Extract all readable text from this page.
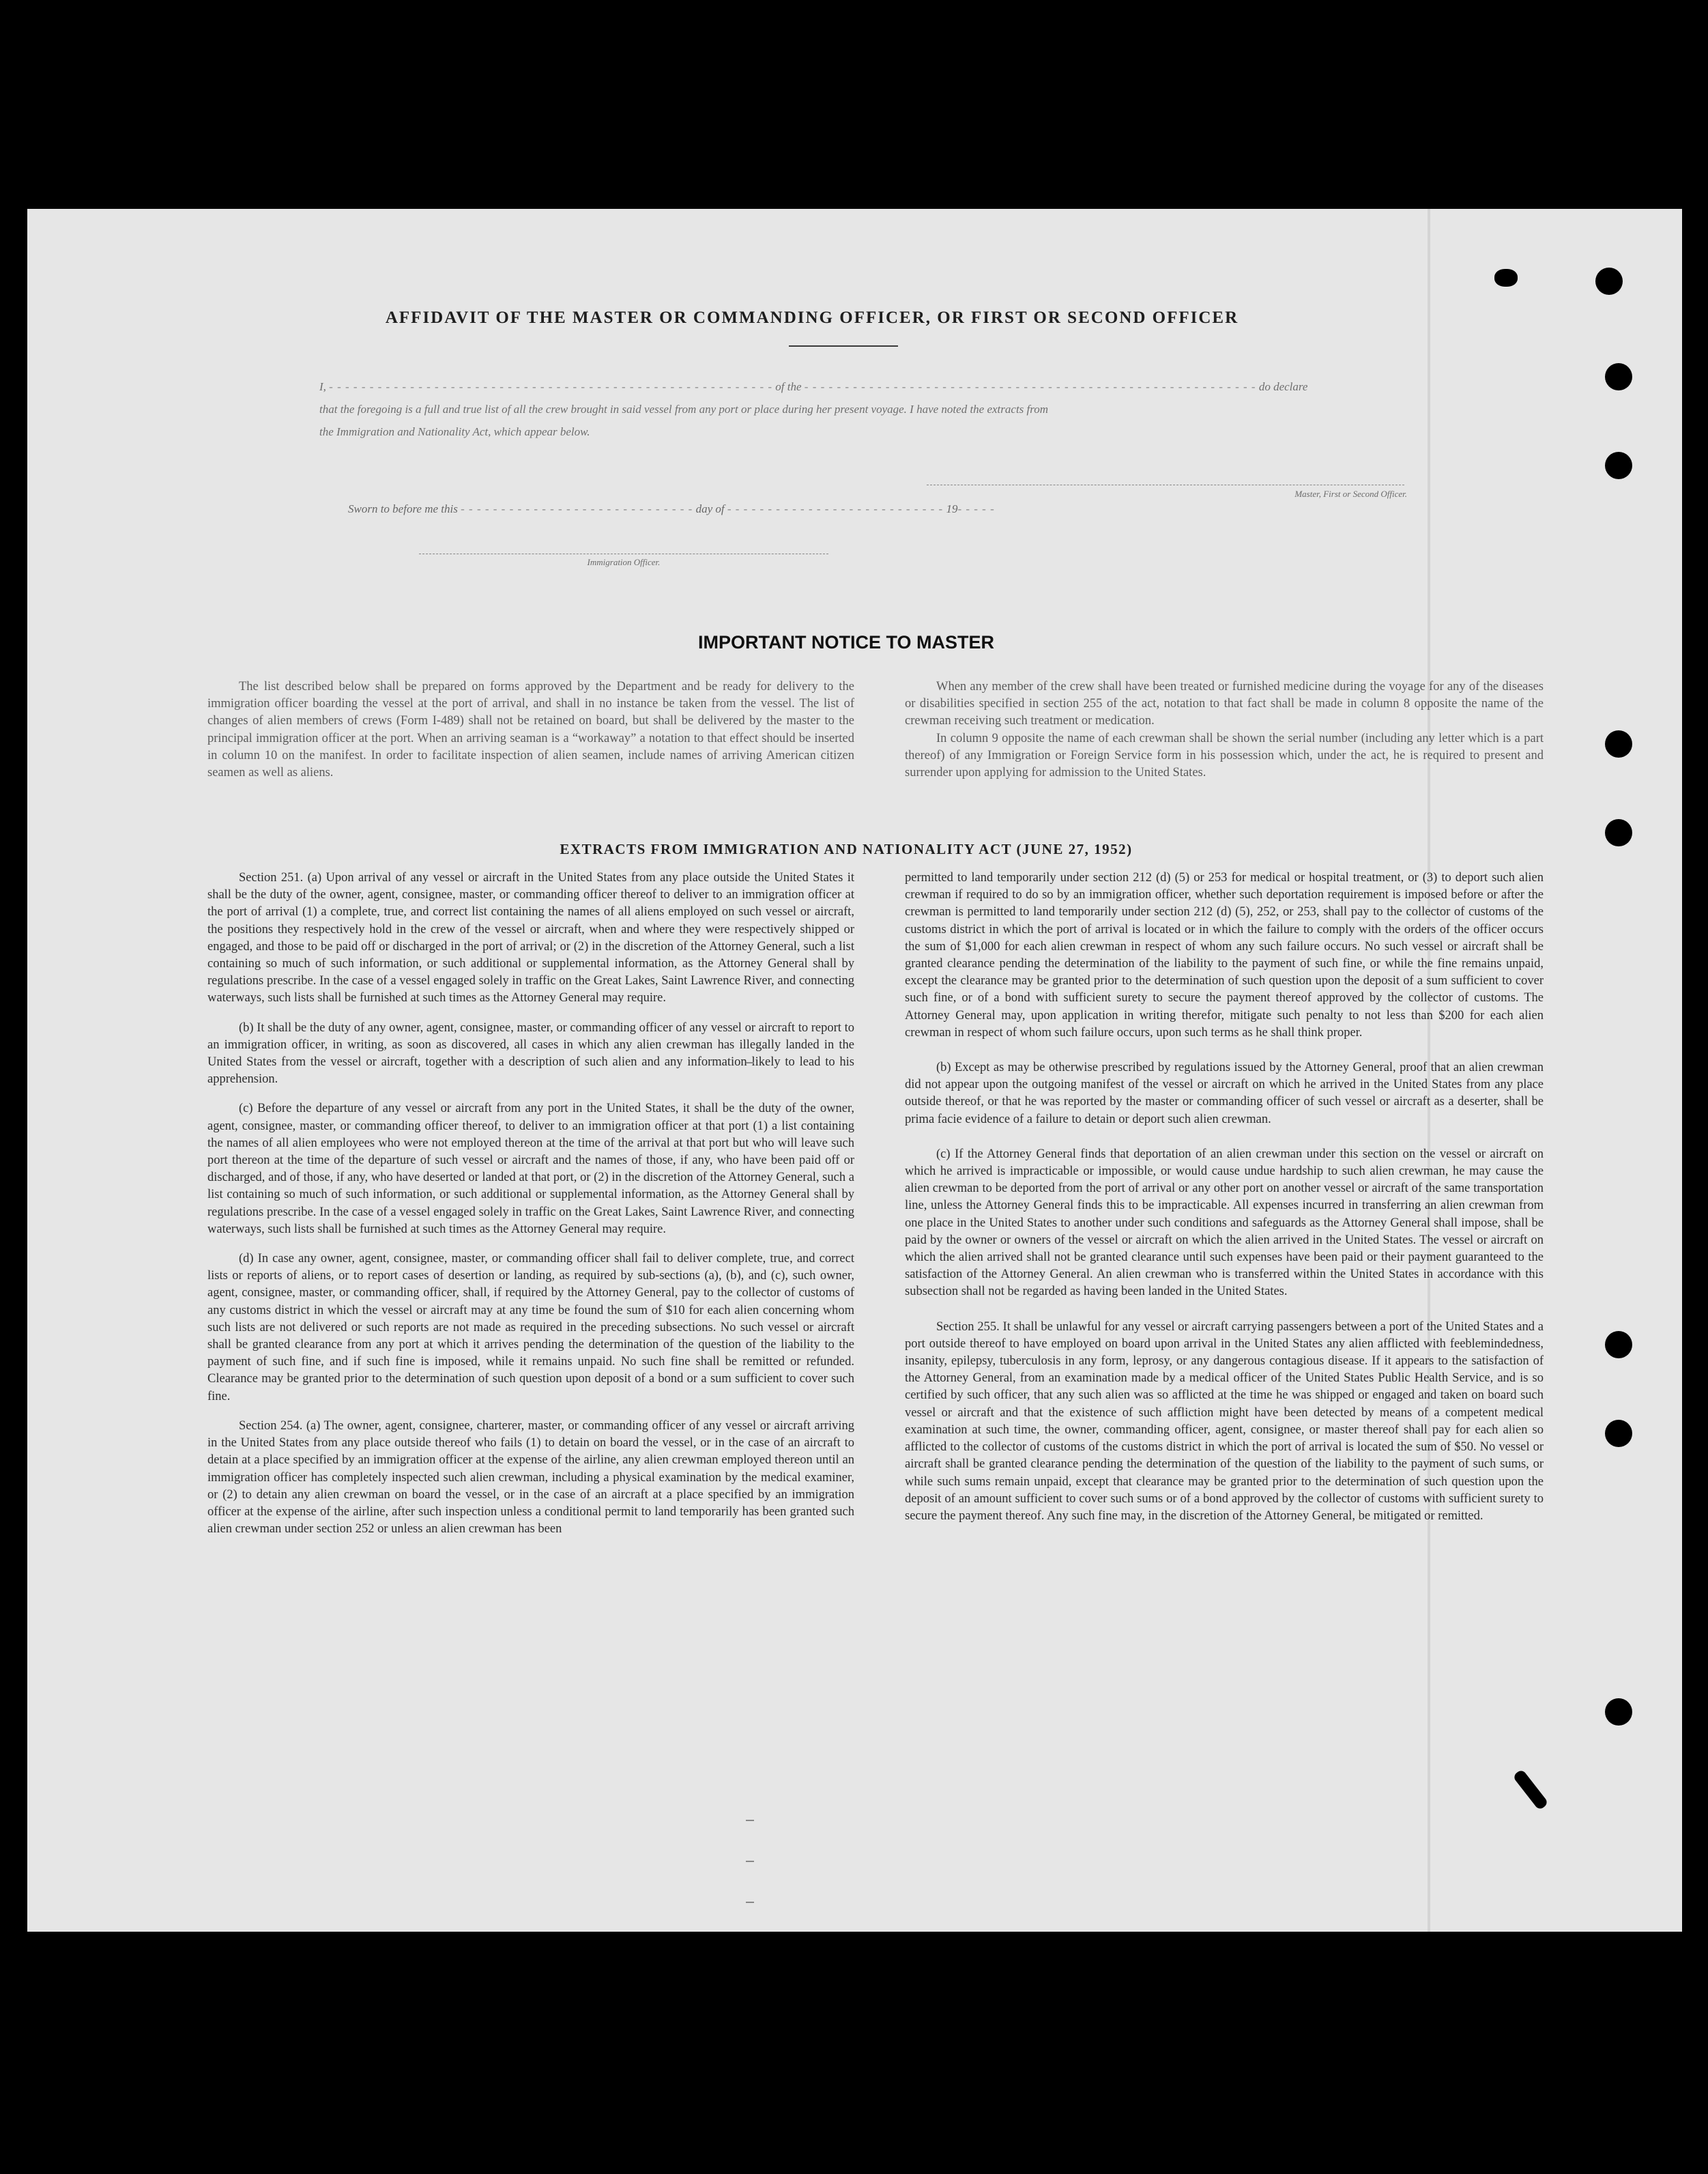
AFFIDAVIT OF THE MASTER OR COMMANDING OFFICER, OR FIRST OR SECOND OFFICER
I, - - - - - - - - - - - - - - - - - - - - - - - - - - - - - - - - - - - - - - - - - - - - - - - - - - - - - - - of the - - - - - - - - - - - - - - - - - - - - - - - - - - - - - - - - - - - - - - - - - - - - - - - - - - - - - - - - do declare
that the foregoing is a full and true list of all the crew brought in said vessel from any port or place during her present voyage. I have noted the extracts from
the Immigration and Nationality Act, which appear below.
Master, First or Second Officer.
Sworn to before me this - - - - - - - - - - - - - - - - - - - - - - - - - - - - - day of - - - - - - - - - - - - - - - - - - - - - - - - - - - 19- - - - -
Immigration Officer.
IMPORTANT NOTICE TO MASTER

The list described below shall be prepared on forms approved by the Department and be ready for delivery to the immigration officer boarding the vessel at the port of arrival, and shall in no instance be taken from the vessel. The list of changes of alien members of crews (Form I-489) shall not be retained on board, but shall be delivered by the master to the principal immigration officer at the port. When an arriving seaman is a “workaway” a notation to that effect should be inserted in column 10 on the manifest. In order to facilitate inspection of alien seamen, include names of arriving American citizen seamen as well as aliens.

When any member of the crew shall have been treated or furnished medicine during the voyage for any of the diseases or disabilities specified in section 255 of the act, notation to that fact shall be made in column 8 opposite the name of the crewman receiving such treatment or medication.

In column 9 opposite the name of each crewman shall be shown the serial number (including any letter which is a part thereof) of any Immigration or Foreign Service form in his possession which, under the act, he is required to present and surrender upon applying for admission to the United States.

EXTRACTS FROM IMMIGRATION AND NATIONALITY ACT (JUNE 27, 1952)

Section 251. (a) Upon arrival of any vessel or aircraft in the United States from any place outside the United States it shall be the duty of the owner, agent, consignee, master, or commanding officer thereof to deliver to an immigration officer at the port of arrival (1) a complete, true, and correct list containing the names of all aliens employed on such vessel or aircraft, the positions they respectively hold in the crew of the vessel or aircraft, when and where they were respectively shipped or engaged, and those to be paid off or discharged in the port of arrival; or (2) in the discretion of the Attorney General, such a list containing so much of such information, or such additional or supplemental information, as the Attorney General shall by regulations prescribe. In the case of a vessel engaged solely in traffic on the Great Lakes, Saint Lawrence River, and connecting waterways, such lists shall be furnished at such times as the Attorney General may require.

(b) It shall be the duty of any owner, agent, consignee, master, or commanding officer of any vessel or aircraft to report to an immigration officer, in writing, as soon as discovered, all cases in which any alien crewman has illegally landed in the United States from the vessel or aircraft, together with a description of such alien and any information likely to lead to his apprehension.

(c) Before the departure of any vessel or aircraft from any port in the United States, it shall be the duty of the owner, agent, consignee, master, or commanding officer thereof, to deliver to an immigration officer at that port (1) a list containing the names of all alien employees who were not employed thereon at the time of the arrival at that port but who will leave such port thereon at the time of the departure of such vessel or aircraft and the names of those, if any, who have been paid off or discharged, and of those, if any, who have deserted or landed at that port, or (2) in the discretion of the Attorney General, such a list containing so much of such information, or such additional or supplemental information, as the Attorney General shall by regulations prescribe. In the case of a vessel engaged solely in traffic on the Great Lakes, Saint Lawrence River, and connecting waterways, such lists shall be furnished at such times as the Attorney General may require.

(d) In case any owner, agent, consignee, master, or commanding officer shall fail to deliver complete, true, and correct lists or reports of aliens, or to report cases of desertion or landing, as required by sub-sections (a), (b), and (c), such owner, agent, consignee, master, or commanding officer, shall, if required by the Attorney General, pay to the collector of customs of any customs district in which the vessel or aircraft may at any time be found the sum of $10 for each alien concerning whom such lists are not delivered or such reports are not made as required in the preceding subsections. No such vessel or aircraft shall be granted clearance from any port at which it arrives pending the determination of the question of the liability to the payment of such fine, and if such fine is imposed, while it remains unpaid. No such fine shall be remitted or refunded. Clearance may be granted prior to the determination of such question upon deposit of a bond or a sum sufficient to cover such fine.

Section 254. (a) The owner, agent, consignee, charterer, master, or commanding officer of any vessel or aircraft arriving in the United States from any place outside thereof who fails (1) to detain on board the vessel, or in the case of an aircraft to detain at a place specified by an immigration officer at the expense of the airline, any alien crewman employed thereon until an immigration officer has completely inspected such alien crewman, including a physical examination by the medical examiner, or (2) to detain any alien crewman on board the vessel, or in the case of an aircraft at a place specified by an immigration officer at the expense of the airline, after such inspection unless a conditional permit to land temporarily has been granted such alien crewman under section 252 or unless an alien crewman has been

permitted to land temporarily under section 212 (d) (5) or 253 for medical or hospital treatment, or (3) to deport such alien crewman if required to do so by an immigration officer, whether such deportation requirement is imposed before or after the crewman is permitted to land temporarily under section 212 (d) (5), 252, or 253, shall pay to the collector of customs of the customs district in which the port of arrival is located or in which the failure to comply with the orders of the officer occurs the sum of $1,000 for each alien crewman in respect of whom any such failure occurs. No such vessel or aircraft shall be granted clearance pending the determination of the liability to the payment of such fine, or while the fine remains unpaid, except the clearance may be granted prior to the determination of such question upon the deposit of a sum sufficient to cover such fine, or of a bond with sufficient surety to secure the payment thereof approved by the collector of customs. The Attorney General may, upon application in writing therefor, mitigate such penalty to not less than $200 for each alien crewman in respect of whom such failure occurs, upon such terms as he shall think proper.

(b) Except as may be otherwise prescribed by regulations issued by the Attorney General, proof that an alien crewman did not appear upon the outgoing manifest of the vessel or aircraft on which he arrived in the United States from any place outside thereof, or that he was reported by the master or commanding officer of such vessel or aircraft as a deserter, shall be prima facie evidence of a failure to detain or deport such alien crewman.

(c) If the Attorney General finds that deportation of an alien crewman under this section on the vessel or aircraft on which he arrived is impracticable or impossible, or would cause undue hardship to such alien crewman, he may cause the alien crewman to be deported from the port of arrival or any other port on another vessel or aircraft of the same transportation line, unless the Attorney General finds this to be impracticable. All expenses incurred in transferring an alien crewman from one place in the United States to another under such conditions and safeguards as the Attorney General shall impose, shall be paid by the owner or owners of the vessel or aircraft on which the alien arrived in the United States. The vessel or aircraft on which the alien arrived shall not be granted clearance until such expenses have been paid or their payment guaranteed to the satisfaction of the Attorney General. An alien crewman who is transferred within the United States in accordance with this subsection shall not be regarded as having been landed in the United States.

Section 255. It shall be unlawful for any vessel or aircraft carrying passengers between a port of the United States and a port outside thereof to have employed on board upon arrival in the United States any alien afflicted with feeblemindedness, insanity, epilepsy, tuberculosis in any form, leprosy, or any dangerous contagious disease. If it appears to the satisfaction of the Attorney General, from an examination made by a medical officer of the United States Public Health Service, and is so certified by such officer, that any such alien was so afflicted at the time he was shipped or engaged and taken on board such vessel or aircraft and that the existence of such affliction might have been detected by means of a competent medical examination at such time, the owner, commanding officer, agent, consignee, or master thereof shall pay for each alien so afflicted to the collector of customs of the customs district in which the port of arrival is located the sum of $50. No vessel or aircraft shall be granted clearance pending the determination of the question of the liability to the payment of such sums, or while such sums remain unpaid, except that clearance may be granted prior to the determination of such question upon the deposit of an amount sufficient to cover such sums or of a bond approved by the collector of customs with sufficient surety to secure the payment thereof. Any such fine may, in the discretion of the Attorney General, be mitigated or remitted.
